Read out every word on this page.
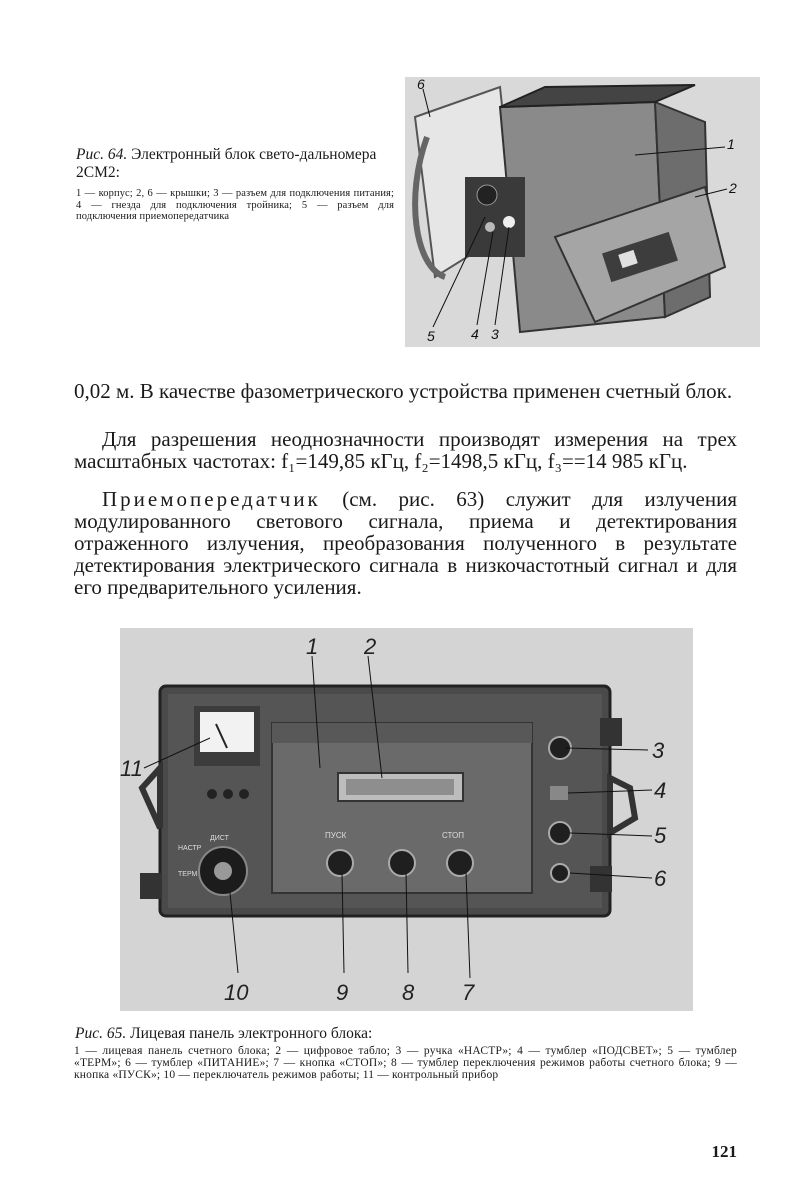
Рис. 64. Электронный блок свето-дальномера 2СМ2:
1 — корпус; 2, 6 — крышки; 3 — разъем для подключения питания; 4 — гнезда для подключения тройника; 5 — разъем для подключения приемопередатчика
6
1
2
5	4 3
0,02 м. В качестве фазометрического устройства применен счетный блок.
Для разрешения неоднозначности производят измерения на трех масштабных частотах: f₁=149,85 кГц, f₂=1498,5 кГц, f₃==14 985 кГц.
Приемопередатчик (см. рис. 63) служит для излучения модулированного светового сигнала, приема и детектирования отраженного излучения, преобразования полученного в результате детектирования электрического сигнала в низкочастотный сигнал и для его предварительного усиления.
ПУСК	СТОП
ДИСТ
НАСТР
ТЕРМ
1 2
3
4
5
6
7
8
9
10
11
Рис. 65. Лицевая панель электронного блока:
1 — лицевая панель счетного блока; 2 — цифровое табло; 3 — ручка «НАСТР»; 4 — тумблер «ПОДСВЕТ»; 5 — тумблер «ТЕРМ»; 6 — тумблер «ПИТАНИЕ»; 7 — кнопка «СТОП»; 8 — тумблер переключения режимов работы счетного блока; 9 — кнопка «ПУСК»; 10 — переключатель режимов работы; 11 — контрольный прибор
121
